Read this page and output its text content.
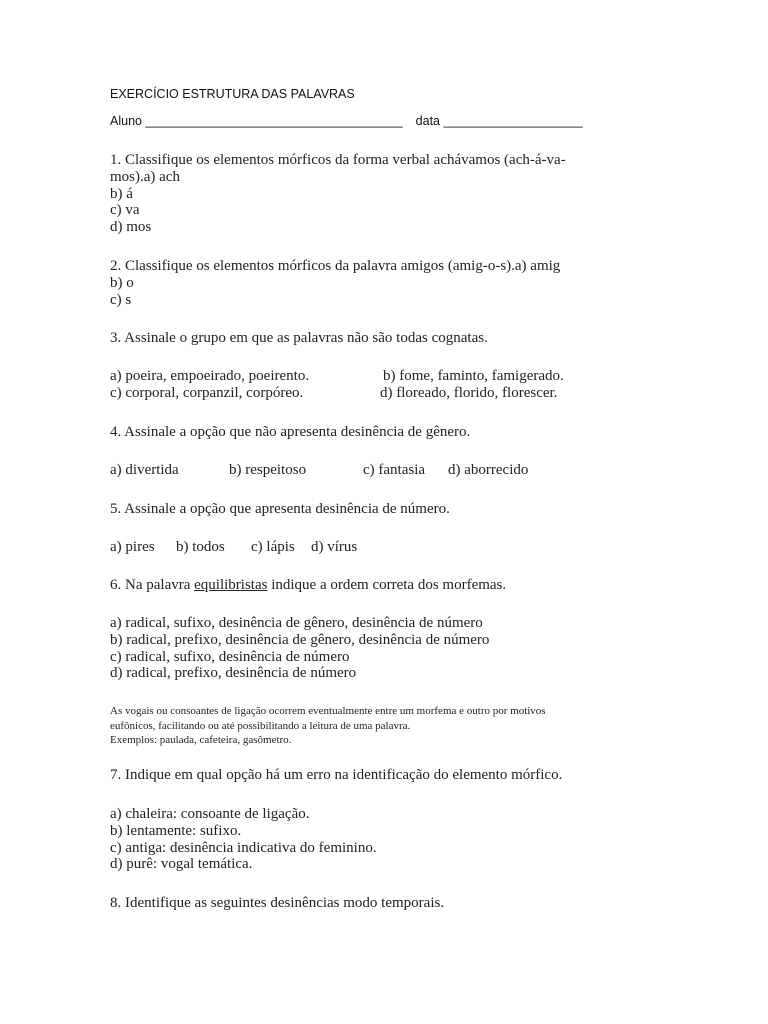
EXERCÍCIO ESTRUTURA DAS PALAVRAS
Aluno _____________________________________ data ____________________
1. Classifique os elementos mórficos da forma verbal achávamos (ach-á-va-
mos).a) ach
b) á
c) va
d) mos
2. Classifique os elementos mórficos da palavra amigos (amig-o-s).a) amig
b) o
c) s
3. Assinale o grupo em que as palavras não são todas cognatas.
a) poeira, empoeirado, poeirento.	b) fome, faminto, famigerado.
c) corporal, corpanzil, corpóreo.	d) floreado, florido, florescer.
4. Assinale a opção que não apresenta desinência de gênero.
a) divertida	b) respeitoso	c) fantasia d) aborrecido
5. Assinale a opção que apresenta desinência de número.
a) pires b) todos c) lápis d) vírus
6. Na palavra equilibristas indique a ordem correta dos morfemas.
a) radical, sufixo, desinência de gênero, desinência de número
b) radical, prefixo, desinência de gênero, desinência de número
c) radical, sufixo, desinência de número
d) radical, prefixo, desinência de número
As vogais ou consoantes de ligação ocorrem eventualmente entre um morfema e outro por motivos
eufônicos, facilitando ou até possibilitando a leitura de uma palavra.
Exemplos: paulada, cafeteira, gasômetro.
7. Indique em qual opção há um erro na identificação do elemento mórfico.
a) chaleira: consoante de ligação.
b) lentamente: sufixo.
c) antiga: desinência indicativa do feminino.
d) purê: vogal temática.
8. Identifique as seguintes desinências modo temporais.
